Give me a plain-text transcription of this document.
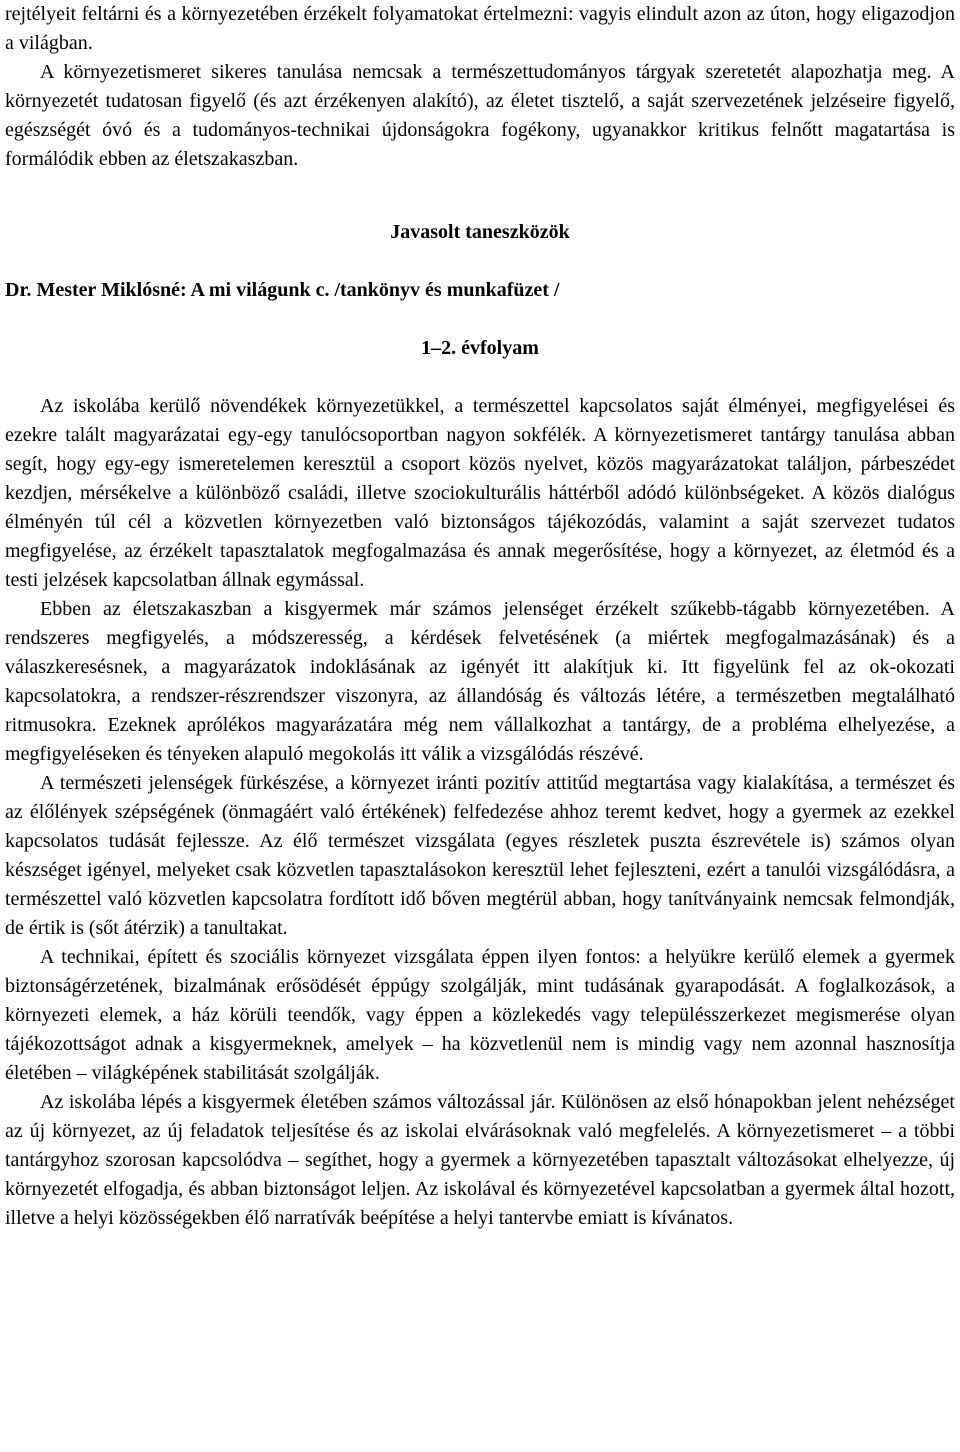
rejtélyeit feltárni és a környezetében érzékelt folyamatokat értelmezni: vagyis elindult azon az úton, hogy eligazodjon a világban.

A környezetismeret sikeres tanulása nemcsak a természettudományos tárgyak szeretetét alapozhatja meg. A környezetét tudatosan figyelő (és azt érzékenyen alakító), az életet tisztelő, a saját szervezetének jelzéseire figyelő, egészségét óvó és a tudományos-technikai újdonságokra fogékony, ugyanakkor kritikus felnőtt magatartása is formálódik ebben az életszakaszban.

Javasolt taneszközök

Dr. Mester Miklósné: A mi világunk c. /tankönyv és munkafüzet /

1–2. évfolyam

Az iskolába kerülő növendékek környezetükkel, a természettel kapcsolatos saját élményei, megfigyelései és ezekre talált magyarázatai egy-egy tanulócsoportban nagyon sokfélék. A környezetismeret tantárgy tanulása abban segít, hogy egy-egy ismeretelemen keresztül a csoport közös nyelvet, közös magyarázatokat találjon, párbeszédet kezdjen, mérsékelve a különböző családi, illetve szociokulturális háttérből adódó különbségeket. A közös dialógus élményén túl cél a közvetlen környezetben való biztonságos tájékozódás, valamint a saját szervezet tudatos megfigyelése, az érzékelt tapasztalatok megfogalmazása és annak megerősítése, hogy a környezet, az életmód és a testi jelzések kapcsolatban állnak egymással.

Ebben az életszakaszban a kisgyermek már számos jelenséget érzékelt szűkebb-tágabb környezetében. A rendszeres megfigyelés, a módszeresség, a kérdések felvetésének (a miértek megfogalmazásának) és a válaszkeresésnek, a magyarázatok indoklásának az igényét itt alakítjuk ki. Itt figyelünk fel az ok-okozati kapcsolatokra, a rendszer-részrendszer viszonyra, az állandóság és változás létére, a természetben megtalálható ritmusokra. Ezeknek aprólékos magyarázatára még nem vállalkozhat a tantárgy, de a probléma elhelyezése, a megfigyeléseken és tényeken alapuló megokolás itt válik a vizsgálódás részévé.

A természeti jelenségek fürkészése, a környezet iránti pozitív attitűd megtartása vagy kialakítása, a természet és az élőlények szépségének (önmagáért való értékének) felfedezése ahhoz teremt kedvet, hogy a gyermek az ezekkel kapcsolatos tudását fejlessze. Az élő természet vizsgálata (egyes részletek puszta észrevétele is) számos olyan készséget igényel, melyeket csak közvetlen tapasztalásokon keresztül lehet fejleszteni, ezért a tanulói vizsgálódásra, a természettel való közvetlen kapcsolatra fordított idő bőven megtérül abban, hogy tanítványaink nemcsak felmondják, de értik is (sőt átérzik) a tanultakat.

A technikai, épített és szociális környezet vizsgálata éppen ilyen fontos: a helyükre kerülő elemek a gyermek biztonságérzetének, bizalmának erősödését éppúgy szolgálják, mint tudásának gyarapodását. A foglalkozások, a környezeti elemek, a ház körüli teendők, vagy éppen a közlekedés vagy településszerkezet megismerése olyan tájékozottságot adnak a kisgyermeknek, amelyek – ha közvetlenül nem is mindig vagy nem azonnal hasznosítja életében – világképének stabilitását szolgálják.

Az iskolába lépés a kisgyermek életében számos változással jár. Különösen az első hónapokban jelent nehézséget az új környezet, az új feladatok teljesítése és az iskolai elvárásoknak való megfelelés. A környezetismeret – a többi tantárgyhoz szorosan kapcsolódva – segíthet, hogy a gyermek a környezetében tapasztalt változásokat elhelyezze, új környezetét elfogadja, és abban biztonságot leljen. Az iskolával és környezetével kapcsolatban a gyermek által hozott, illetve a helyi közösségekben élő narratívák beépítése a helyi tantervbe emiatt is kívánatos.
